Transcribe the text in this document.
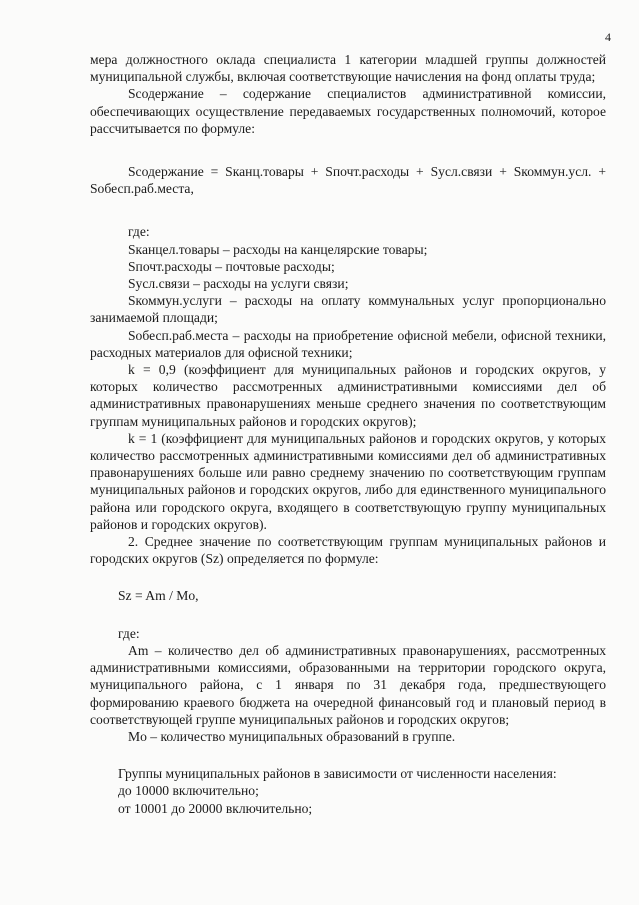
4

мера должностного оклада специалиста 1 категории младшей группы должностей муниципальной службы, включая соответствующие начисления на фонд оплаты труда;

Sсодержание – содержание специалистов административной комиссии, обеспечивающих осуществление передаваемых государственных полномочий, которое рассчитывается по формуле:

Sсодержание = Sканц.товары + Sпочт.расходы + Sусл.связи + Sкоммун.усл. + Sобесп.раб.места,

где:

Sканцел.товары – расходы на канцелярские товары;

Sпочт.расходы – почтовые расходы;

Sусл.связи – расходы на услуги связи;

Sкоммун.услуги – расходы на оплату коммунальных услуг пропорционально занимаемой площади;

Sобесп.раб.места – расходы на приобретение офисной мебели, офисной техники, расходных материалов для офисной техники;

k = 0,9 (коэффициент для муниципальных районов и городских округов, у которых количество рассмотренных административными комиссиями дел об административных правонарушениях меньше среднего значения по соответствующим группам муниципальных районов и городских округов);

k = 1 (коэффициент для муниципальных районов и городских округов, у которых количество рассмотренных административными комиссиями дел об административных правонарушениях больше или равно среднему значению по соответствующим группам муниципальных районов и городских округов, либо для единственного муниципального района или городского округа, входящего в соответствующую группу муниципальных районов и городских округов).

2. Среднее значение по соответствующим группам муниципальных районов и городских округов (Sz) определяется по формуле:

Sz = Am / Mo,

где:

Am – количество дел об административных правонарушениях, рассмотренных административными комиссиями, образованными на территории городского округа, муниципального района, с 1 января по 31 декабря года, предшествующего формированию краевого бюджета на очередной финансовый год и плановый период в соответствующей группе муниципальных районов и городских округов;

Mo – количество муниципальных образований в группе.

Группы муниципальных районов в зависимости от численности населения:

до 10000 включительно;

от 10001 до 20000 включительно;
